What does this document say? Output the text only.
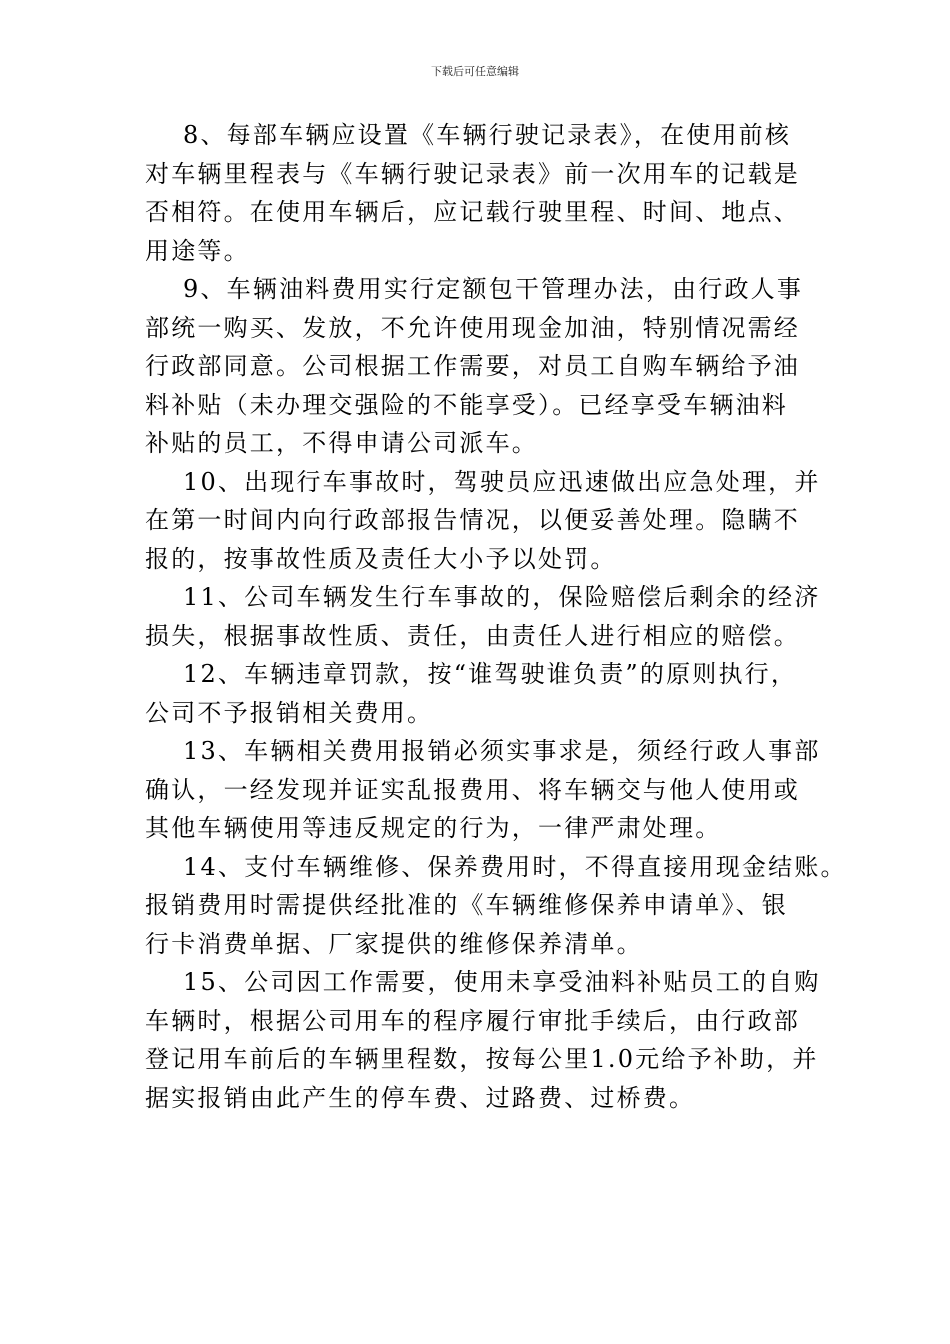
下载后可任意编辑
8、每部车辆应设置《车辆行驶记录表》，在使用前核
对车辆里程表与《车辆行驶记录表》前一次用车的记载是
否相符。在使用车辆后，应记载行驶里程、时间、地点、
用途等。
9、车辆油料费用实行定额包干管理办法，由行政人事
部统一购买、发放，不允许使用现金加油，特别情况需经
行政部同意。公司根据工作需要，对员工自购车辆给予油
料补贴（未办理交强险的不能享受）。已经享受车辆油料
补贴的员工，不得申请公司派车。
10、出现行车事故时，驾驶员应迅速做出应急处理，并
在第一时间内向行政部报告情况，以便妥善处理。隐瞒不
报的，按事故性质及责任大小予以处罚。
11、公司车辆发生行车事故的，保险赔偿后剩余的经济
损失，根据事故性质、责任，由责任人进行相应的赔偿。
12、车辆违章罚款，按“谁驾驶谁负责”的原则执行，
公司不予报销相关费用。
13、车辆相关费用报销必须实事求是，须经行政人事部
确认，一经发现并证实乱报费用、将车辆交与他人使用或
其他车辆使用等违反规定的行为，一律严肃处理。
14、支付车辆维修、保养费用时，不得直接用现金结账。
报销费用时需提供经批准的《车辆维修保养申请单》、银
行卡消费单据、厂家提供的维修保养清单。
15、公司因工作需要，使用未享受油料补贴员工的自购
车辆时，根据公司用车的程序履行审批手续后，由行政部
登记用车前后的车辆里程数，按每公里1.0元给予补助，并
据实报销由此产生的停车费、过路费、过桥费。
